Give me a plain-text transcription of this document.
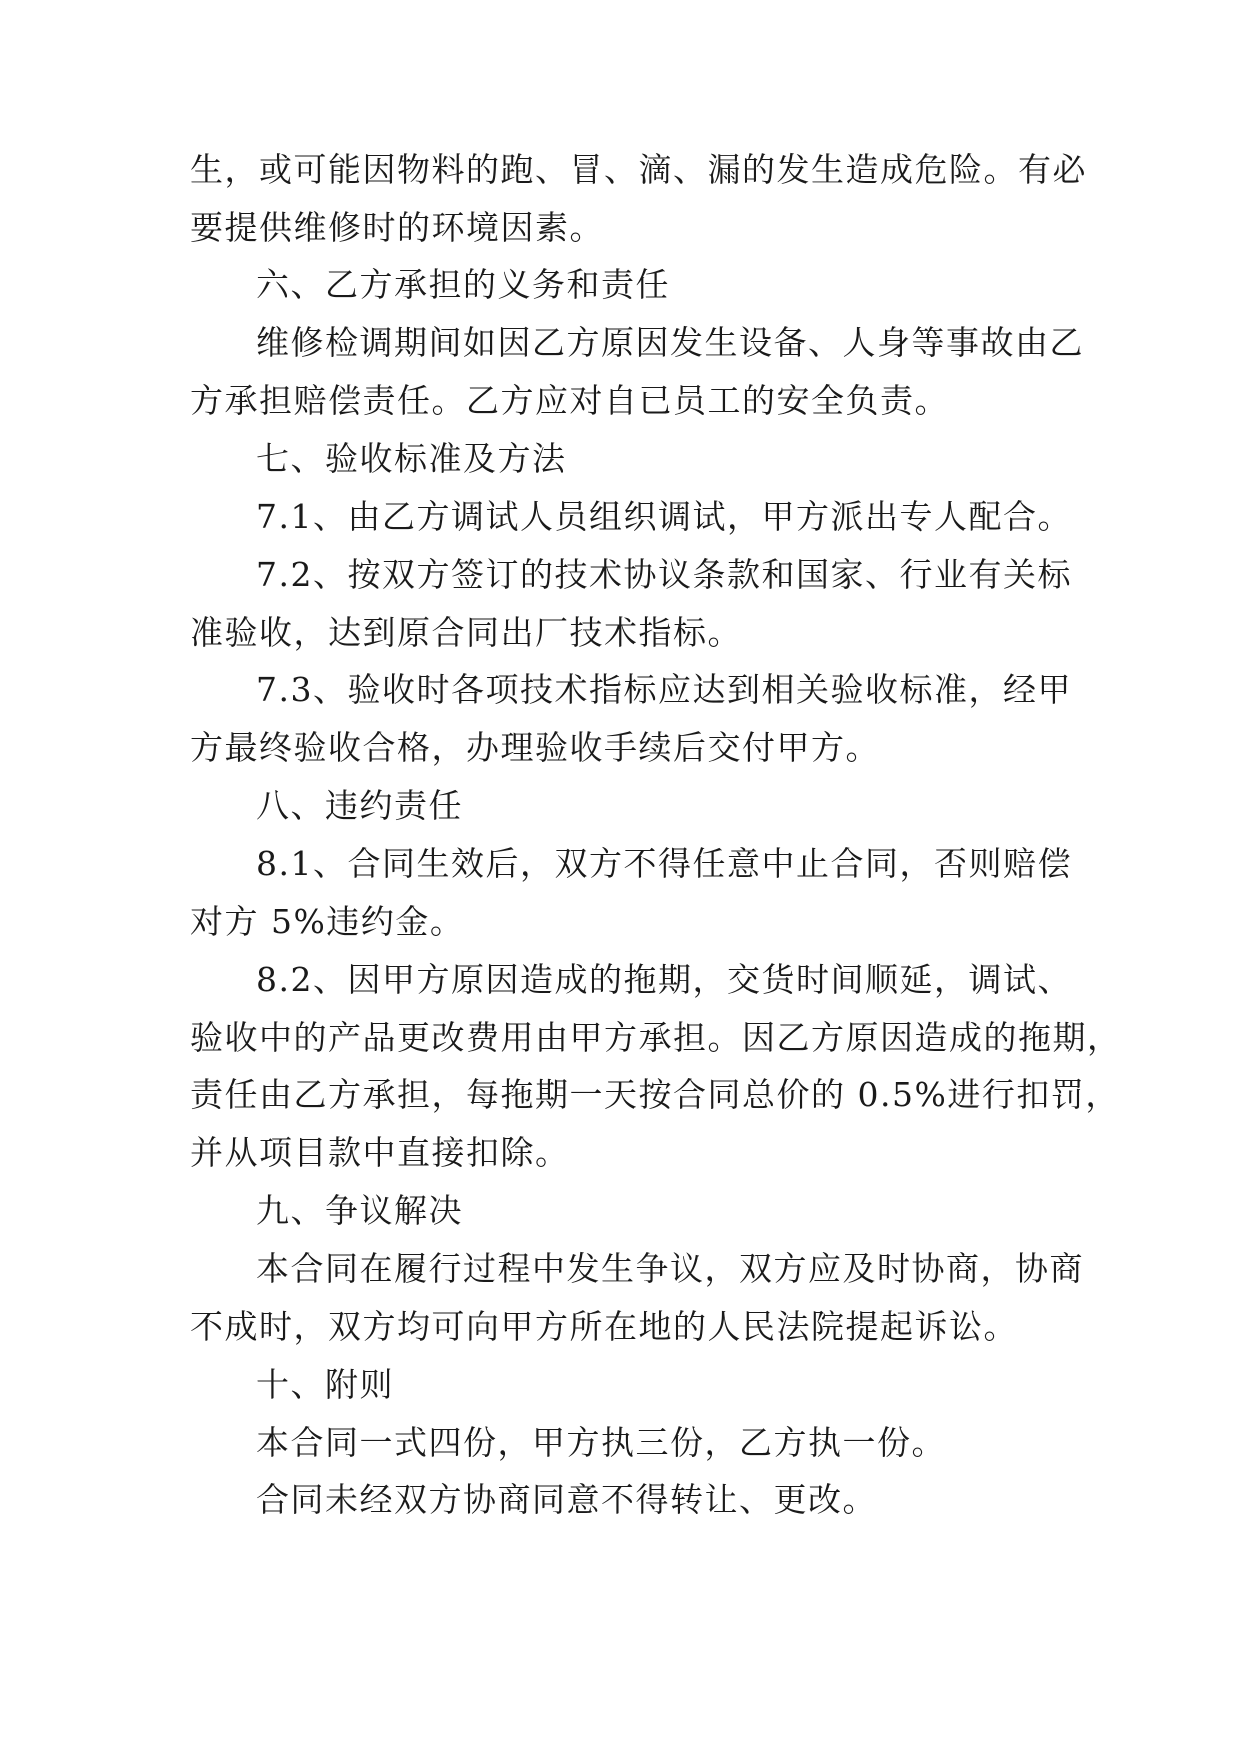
生，或可能因物料的跑、冒、滴、漏的发生造成危险。有必
要提供维修时的环境因素。
六、乙方承担的义务和责任
维修检调期间如因乙方原因发生设备、人身等事故由乙
方承担赔偿责任。乙方应对自已员工的安全负责。
七、验收标准及方法
7.1、由乙方调试人员组织调试，甲方派出专人配合。
7.2、按双方签订的技术协议条款和国家、行业有关标
准验收，达到原合同出厂技术指标。
7.3、验收时各项技术指标应达到相关验收标准，经甲
方最终验收合格，办理验收手续后交付甲方。
八、违约责任
8.1、合同生效后，双方不得任意中止合同，否则赔偿
对方 5%违约金。
8.2、因甲方原因造成的拖期，交货时间顺延，调试、
验收中的产品更改费用由甲方承担。因乙方原因造成的拖期，
责任由乙方承担，每拖期一天按合同总价的 0.5%进行扣罚，
并从项目款中直接扣除。
九、争议解决
本合同在履行过程中发生争议，双方应及时协商，协商
不成时，双方均可向甲方所在地的人民法院提起诉讼。
十、附则
本合同一式四份，甲方执三份，乙方执一份。
合同未经双方协商同意不得转让、更改。
